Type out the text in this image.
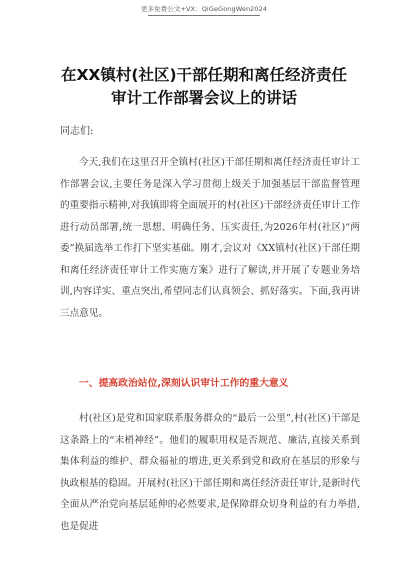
更多免费公文+VX：QiGeGongWen2024
在XX镇村(社区)干部任期和离任经济责任
审计工作部署会议上的讲话
同志们:
今天,我们在这里召开全镇村(社区)干部任期和离任经济责任审计工作部署会议,主要任务是深入学习贯彻上级关于加强基层干部监督管理的重要指示精神,对我镇即将全面展开的村(社区)干部经济责任审计工作进行动员部署,统一思想、明确任务、压实责任,为2026年村(社区)“两委”换届选举工作打下坚实基础。刚才,会议对《XX镇村(社区)干部任期和离任经济责任审计工作实施方案》进行了解读,并开展了专题业务培训,内容详实、重点突出,希望同志们认真领会、抓好落实。下面,我再讲三点意见。
一、提高政治站位,深刻认识审计工作的重大意义
村(社区)是党和国家联系服务群众的“最后一公里”,村(社区)干部是这条路上的“末梢神经”。他们的履职用权是否规范、廉洁,直接关系到集体利益的维护、群众福祉的增进,更关系到党和政府在基层的形象与执政根基的稳固。开展村(社区)干部任期和离任经济责任审计,是新时代全面从严治党向基层延伸的必然要求,是保障群众切身利益的有力举措,也是促进
